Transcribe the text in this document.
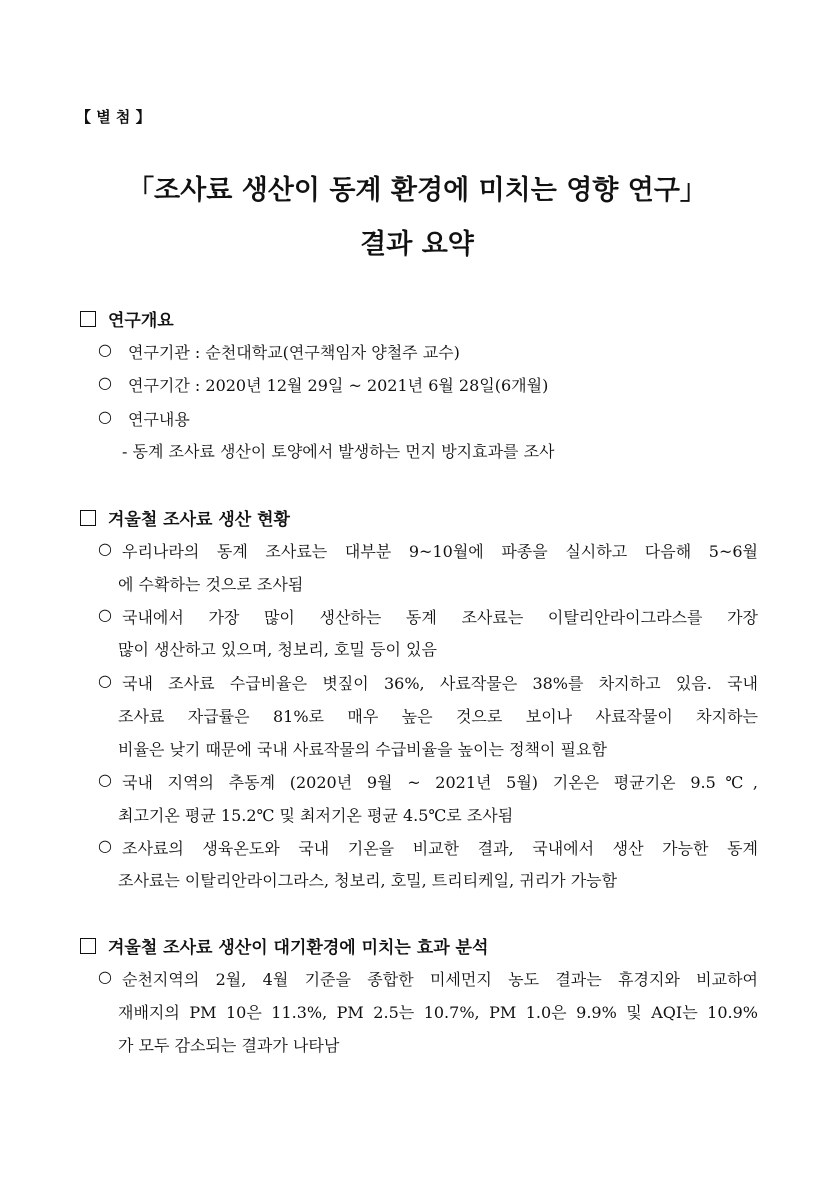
【 별 첨 】
「조사료 생산이 동계 환경에 미치는 영향 연구」
결과 요약
연구개요
○ 연구기관 : 순천대학교(연구책임자 양철주 교수)
○ 연구기간 : 2020년 12월 29일 ~ 2021년 6월 28일(6개월)
○ 연구내용
- 동계 조사료 생산이 토양에서 발생하는 먼지 방지효과를 조사
겨울철 조사료 생산 현황
○ 우리나라의 동계 조사료는 대부분 9~10월에 파종을 실시하고 다음해 5~6월
에 수확하는 것으로 조사됨
○ 국내에서 가장 많이 생산하는 동계 조사료는 이탈리안라이그라스를 가장
많이 생산하고 있으며, 청보리, 호밀 등이 있음
○ 국내 조사료 수급비율은 볏짚이 36%, 사료작물은 38%를 차지하고 있음. 국내
조사료 자급률은 81%로 매우 높은 것으로 보이나 사료작물이 차지하는
비율은 낮기 때문에 국내 사료작물의 수급비율을 높이는 정책이 필요함
○ 국내 지역의 추동계 (2020년 9월 ~ 2021년 5월) 기온은 평균기온 9.5℃,
최고기온 평균 15.2℃ 및 최저기온 평균 4.5℃로 조사됨
○ 조사료의 생육온도와 국내 기온을 비교한 결과, 국내에서 생산 가능한 동계
조사료는 이탈리안라이그라스, 청보리, 호밀, 트리티케일, 귀리가 가능함
겨울철 조사료 생산이 대기환경에 미치는 효과 분석
○ 순천지역의 2월, 4월 기준을 종합한 미세먼지 농도 결과는 휴경지와 비교하여
재배지의 PM 10은 11.3%, PM 2.5는 10.7%, PM 1.0은 9.9% 및 AQI는 10.9%
가 모두 감소되는 결과가 나타남
